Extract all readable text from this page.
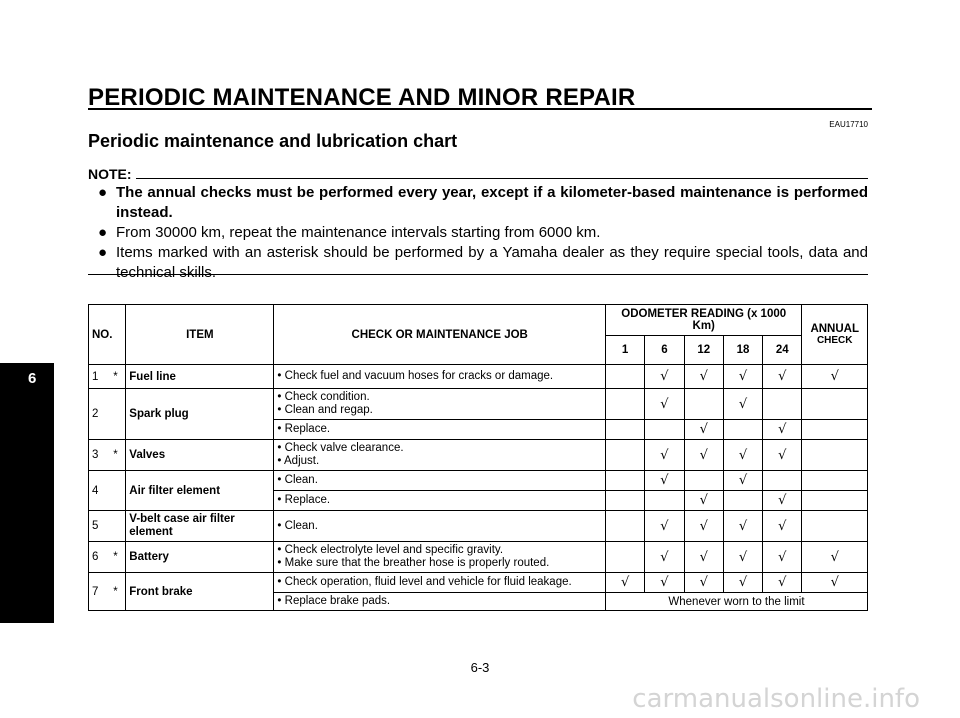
PERIODIC MAINTENANCE AND MINOR REPAIR
EAU17710
Periodic maintenance and lubrication chart
NOTE:
● The annual checks must be performed every year, except if a kilometer-based maintenance is performed instead.
● From 30000 km, repeat the maintenance intervals starting from 6000 km.
● Items marked with an asterisk should be performed by a Yamaha dealer as they require special tools, data and technical skills.
6
NO.		ITEM	CHECK OR MAINTENANCE JOB	ODOMETER READING (x 1000 Km)					ANNUAL
CHECK

				1	6	12	18	24	
1	*	Fuel line	• Check fuel and vacuum hoses for cracks or damage.		√	√	√	√	√
2		Spark plug	• Check condition.
• Clean and regap.		√		√		
			• Replace.			√		√	
3	*	Valves	• Check valve clearance.
• Adjust.		√	√	√	√	
4		Air filter element	• Clean.		√		√		
			• Replace.			√		√	
5		V-belt case air filter element	• Clean.		√	√	√	√	
6	*	Battery	• Check electrolyte level and specific gravity.
• Make sure that the breather hose is properly routed.		√	√	√	√	√
7	*	Front brake	• Check operation, fluid level and vehicle for fluid leakage.	√	√	√	√	√	√
			• Replace brake pads.	Whenever worn to the limit					
6-3
carmanualsonline.info
